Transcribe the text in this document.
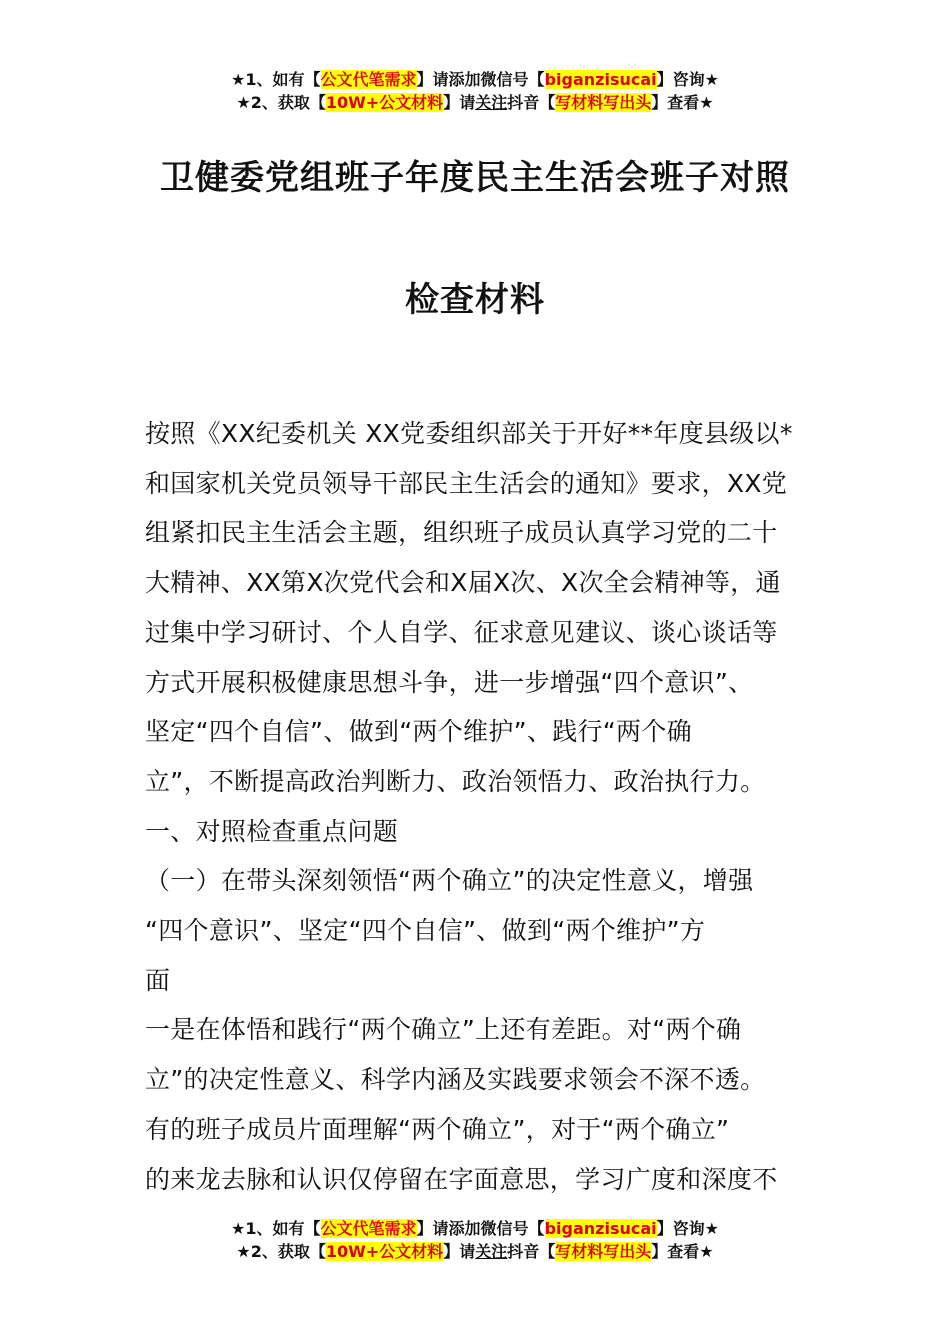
★1、如有【公文代笔需求】请添加微信号【biganzisucai】咨询★
★2、获取【10W+公文材料】请关注抖音【写材料写出头】查看★
卫健委党组班子年度民主生活会班子对照
检查材料

按照《XX纪委机关 XX党委组织部关于开好**年度县级以*
和国家机关党员领导干部民主生活会的通知》要求，XX党
组紧扣民主生活会主题，组织班子成员认真学习党的二十
大精神、XX第X次党代会和X届X次、X次全会精神等，通
过集中学习研讨、个人自学、征求意见建议、谈心谈话等
方式开展积极健康思想斗争，进一步增强“四个意识”、
坚定“四个自信”、做到“两个维护”、践行“两个确
立”，不断提高政治判断力、政治领悟力、政治执行力。

一、对照检查重点问题

（一）在带头深刻领悟“两个确立”的决定性意义，增强
“四个意识”、坚定“四个自信”、做到“两个维护”方
面

一是在体悟和践行“两个确立”上还有差距。对“两个确
立”的决定性意义、科学内涵及实践要求领会不深不透。
有的班子成员片面理解“两个确立”，对于“两个确立”
的来龙去脉和认识仅停留在字面意思，学习广度和深度不

★1、如有【公文代笔需求】请添加微信号【biganzisucai】咨询★
★2、获取【10W+公文材料】请关注抖音【写材料写出头】查看★
